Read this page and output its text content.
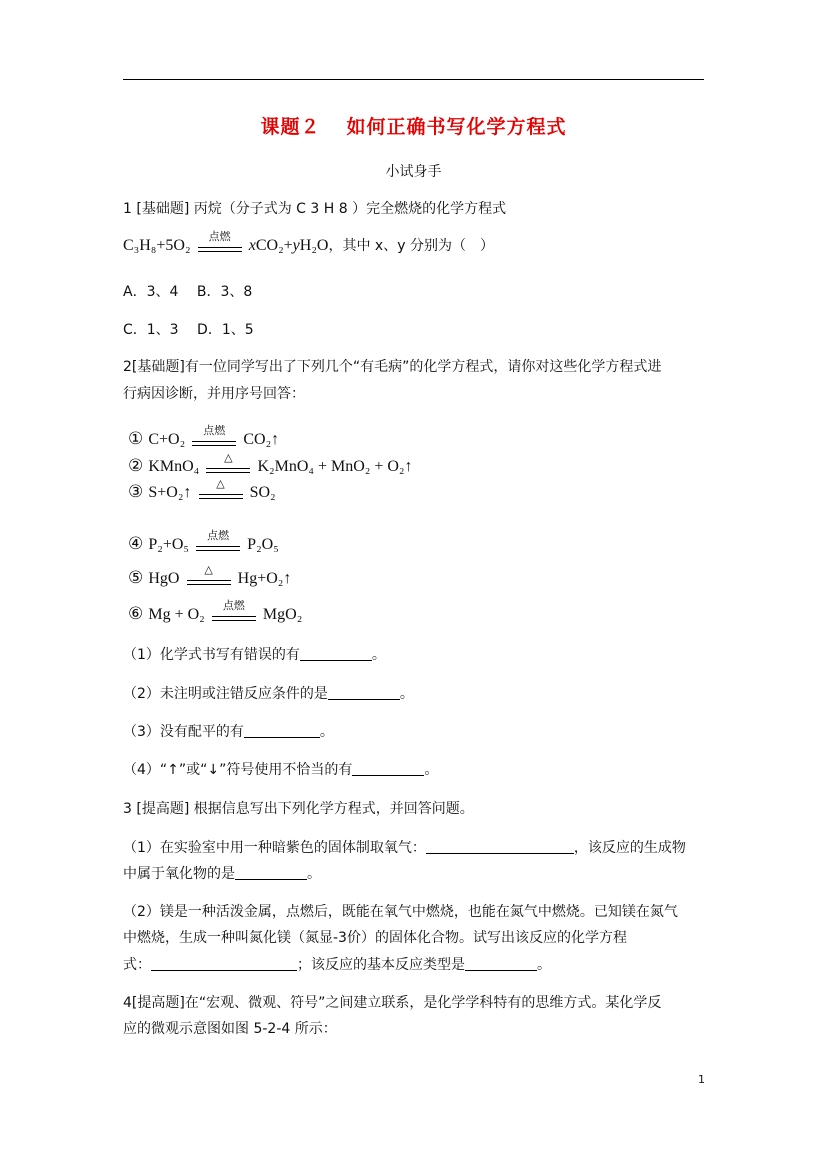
课题２ 如何正确书写化学方程式
小试身手
1 [基础题] 丙烷（分子式为 C 3 H 8 ）完全燃烧的化学方程式
C₃H₈+5O₂
点燃
xCO₂+yH₂O，其中 x、y 分别为（　）
A．3、4　 B．3、8
C．1、3　 D．1、5
2[基础题]有一位同学写出了下列几个“有毛病”的化学方程式，请你对这些化学方程式进
行病因诊断，并用序号回答：
① C+O₂
点燃
CO₂↑
② KMnO₄
△
K₂MnO₄ + MnO₂ + O₂↑
③ S+O₂↑
△
SO₂
④ P₂+O₅
点燃
P₂O₅
⑤ HgO
△
Hg+O₂↑
⑥ Mg + O₂
点燃
MgO₂
（1）化学式书写有错误的有	。
（2）未注明或注错反应条件的是	。
（3）没有配平的有	。
（4）“↑”或“↓”符号使用不恰当的有	。
3 [提高题] 根据信息写出下列化学方程式，并回答问题。
（1）在实验室中用一种暗紫色的固体制取氧气：	，该反应的生成物
中属于氧化物的是	。
（2）镁是一种活泼金属，点燃后，既能在氧气中燃烧，也能在氮气中燃烧。已知镁在氮气
中燃烧，生成一种叫氮化镁（氮显-3价）的固体化合物。试写出该反应的化学方程
式：	；该反应的基本反应类型是	。
4[提高题]在“宏观、微观、符号”之间建立联系，是化学学科特有的思维方式。某化学反
应的微观示意图如图 5-2-4 所示：
1
